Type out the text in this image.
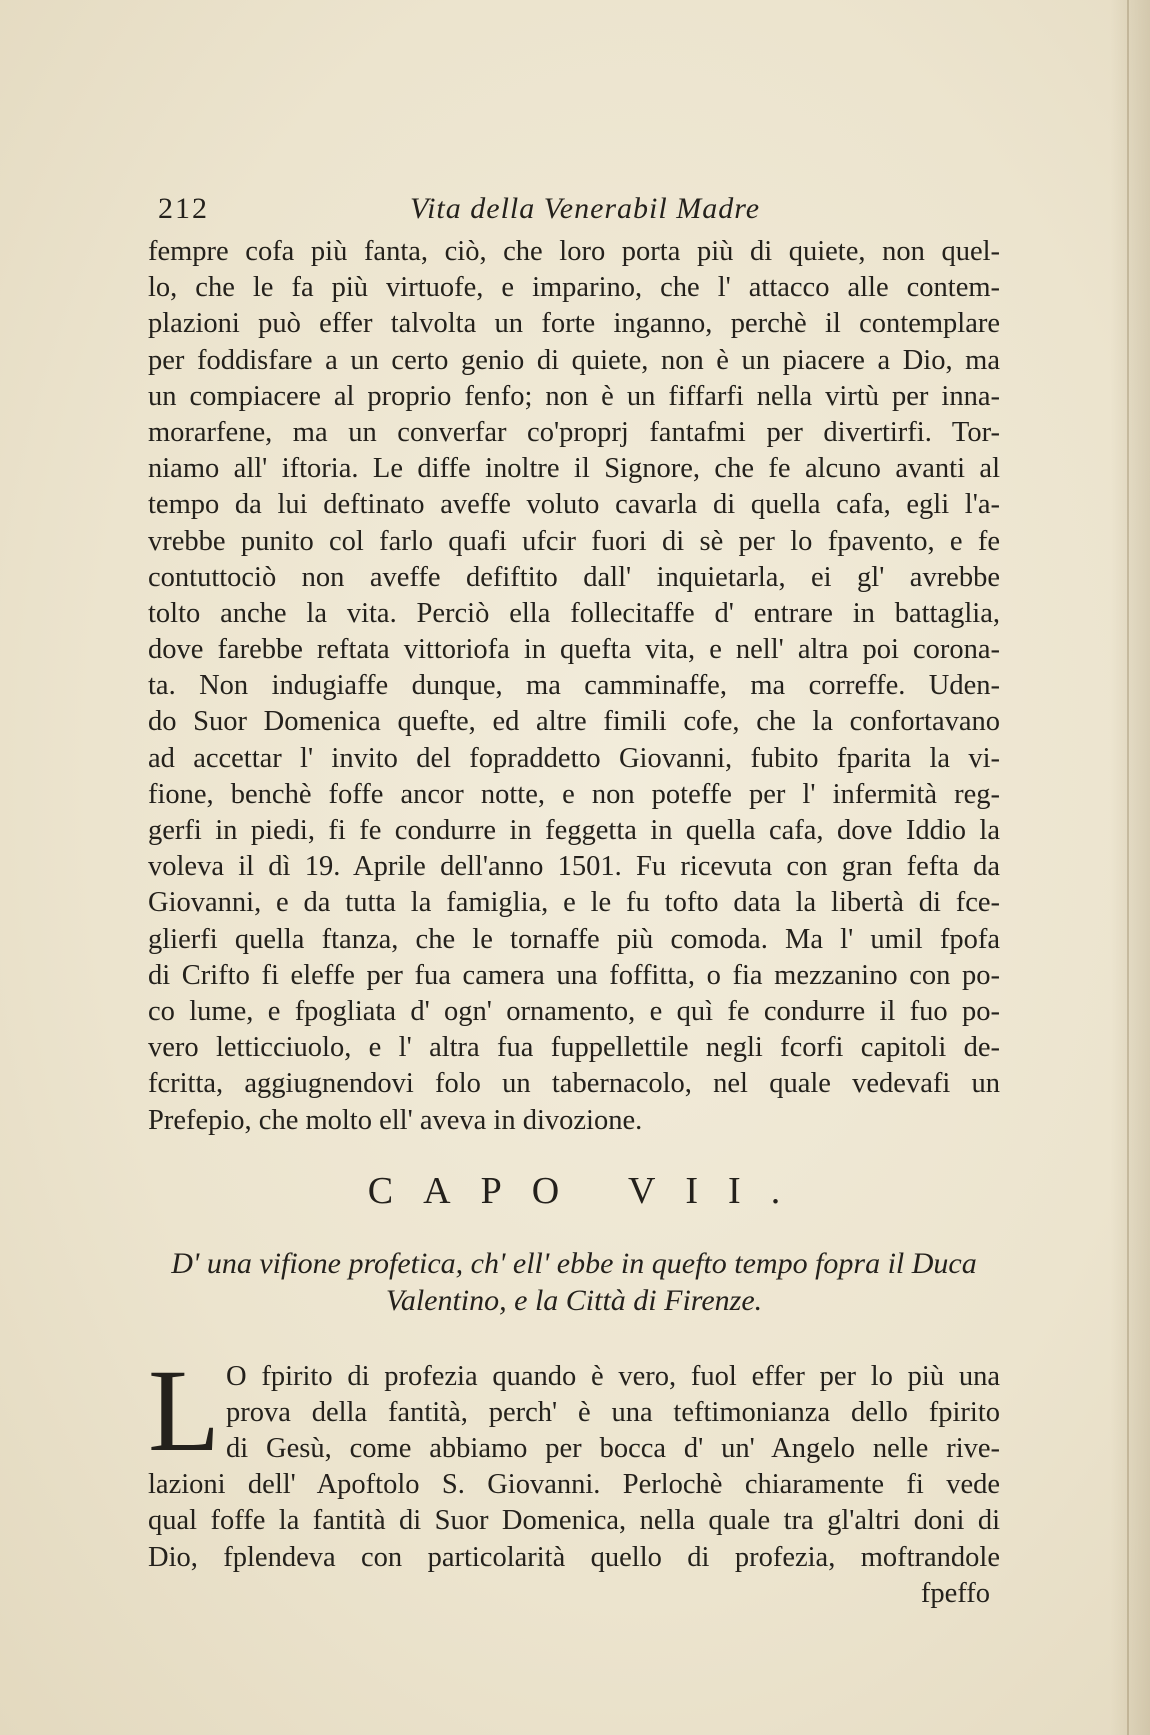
212	Vita della Venerabil Madre
fempre cofa più fanta, ciò, che loro porta più di quiete, non quel-
lo, che le fa più virtuofe, e imparino, che l' attacco alle contem-
plazioni può effer talvolta un forte inganno, perchè il contemplare
per foddisfare a un certo genio di quiete, non è un piacere a Dio, ma
un compiacere al proprio fenfo; non è un fiffarfi nella virtù per inna-
morarfene, ma un converfar co'proprj fantafmi per divertirfi. Tor-
niamo all' iftoria. Le diffe inoltre il Signore, che fe alcuno avanti al
tempo da lui deftinato aveffe voluto cavarla di quella cafa, egli l'a-
vrebbe punito col farlo quafi ufcir fuori di sè per lo fpavento, e fe
contuttociò non aveffe defiftito dall' inquietarla, ei gl' avrebbe
tolto anche la vita. Perciò ella follecitaffe d' entrare in battaglia,
dove farebbe reftata vittoriofa in quefta vita, e nell' altra poi corona-
ta. Non indugiaffe dunque, ma camminaffe, ma correffe. Uden-
do Suor Domenica quefte, ed altre fimili cofe, che la confortavano
ad accettar l' invito del fopraddetto Giovanni, fubito fparita la vi-
fione, benchè foffe ancor notte, e non poteffe per l' infermità reg-
gerfi in piedi, fi fe condurre in feggetta in quella cafa, dove Iddio la
voleva il dì 19. Aprile dell'anno 1501. Fu ricevuta con gran fefta da
Giovanni, e da tutta la famiglia, e le fu tofto data la libertà di fce-
glierfi quella ftanza, che le tornaffe più comoda. Ma l' umil fpofa
di Crifto fi eleffe per fua camera una foffitta, o fia mezzanino con po-
co lume, e fpogliata d' ogn' ornamento, e quì fe condurre il fuo po-
vero letticciuolo, e l' altra fua fuppellettile negli fcorfi capitoli de-
fcritta, aggiugnendovi folo un tabernacolo, nel quale vedevafi un
Prefepio, che molto ell' aveva in divozione.
CAPO VII.
D' una vifione profetica, ch' ell' ebbe in quefto tempo fopra il Duca
Valentino, e la Città di Firenze.
L O fpirito di profezia quando è vero, fuol effer per lo più una
prova della fantità, perch' è una teftimonianza dello fpirito
di Gesù, come abbiamo per bocca d' un' Angelo nelle rive-
lazioni dell' Apoftolo S. Giovanni. Perlochè chiaramente fi vede
qual foffe la fantità di Suor Domenica, nella quale tra gl'altri doni di
Dio, fplendeva con particolarità quello di profezia, moftrandole
fpeffo
